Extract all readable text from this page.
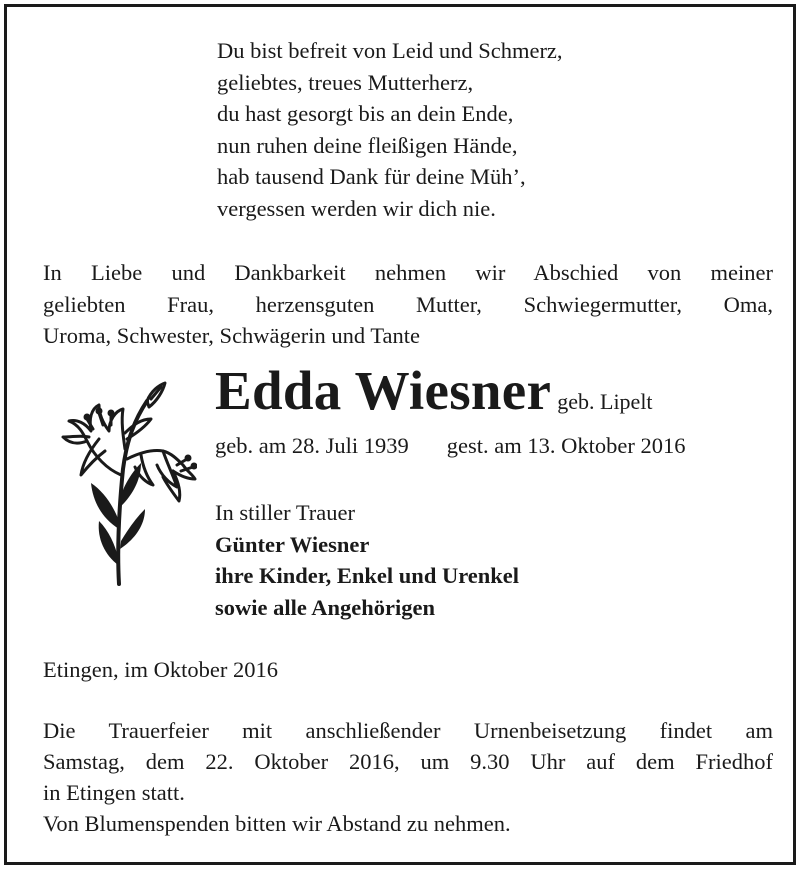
Du bist befreit von Leid und Schmerz,
geliebtes, treues Mutterherz,
du hast gesorgt bis an dein Ende,
nun ruhen deine fleißigen Hände,
hab tausend Dank für deine Müh’,
vergessen werden wir dich nie.
In Liebe und Dankbarkeit nehmen wir Abschied von meiner
geliebten Frau, herzensguten Mutter, Schwiegermutter, Oma,
Uroma, Schwester, Schwägerin und Tante
Edda Wiesner geb. Lipelt
geb. am 28. Juli 1939 gest. am 13. Oktober 2016
In stiller Trauer
Günter Wiesner
ihre Kinder, Enkel und Urenkel
sowie alle Angehörigen
Etingen, im Oktober 2016
Die Trauerfeier mit anschließender Urnenbeisetzung findet am
Samstag, dem 22. Oktober 2016, um 9.30 Uhr auf dem Friedhof
in Etingen statt.
Von Blumenspenden bitten wir Abstand zu nehmen.
